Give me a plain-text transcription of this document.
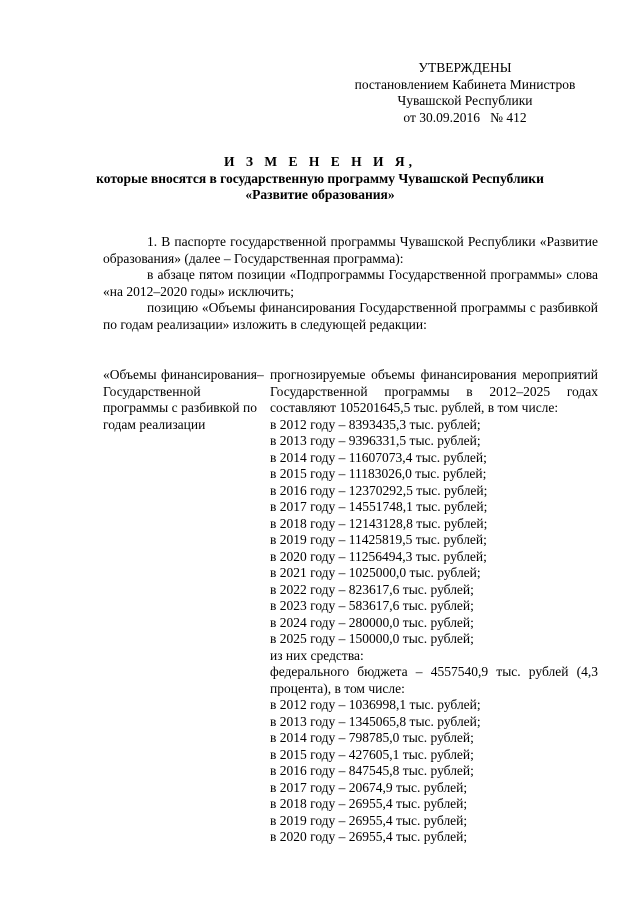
УТВЕРЖДЕНЫ
постановлением Кабинета Министров
Чувашской Республики
от 30.09.2016   № 412
И З М Е Н Е Н И Я,
которые вносятся в государственную программу Чувашской Республики
«Развитие образования»

1. В паспорте государственной программы Чувашской Республики «Развитие образования» (далее – Государственная программа):

в абзаце пятом позиции «Подпрограммы Государственной программы» слова «на 2012–2020 годы» исключить;

позицию «Объемы финансирования Государственной программы с разбивкой по годам реализации» изложить в следующей редакции:

«Объемы финансирования Государственной программы с разбивкой по годам реализации
– прогнозируемые объемы финансирования мероприятий Государственной программы в 2012–2025 годах составляют 105201645,5 тыс. рублей, в том числе:
в 2012 году – 8393435,3 тыс. рублей;
в 2013 году – 9396331,5 тыс. рублей;
в 2014 году – 11607073,4 тыс. рублей;
в 2015 году – 11183026,0 тыс. рублей;
в 2016 году – 12370292,5 тыс. рублей;
в 2017 году – 14551748,1 тыс. рублей;
в 2018 году – 12143128,8 тыс. рублей;
в 2019 году – 11425819,5 тыс. рублей;
в 2020 году – 11256494,3 тыс. рублей;
в 2021 году – 1025000,0 тыс. рублей;
в 2022 году – 823617,6 тыс. рублей;
в 2023 году – 583617,6 тыс. рублей;
в 2024 году – 280000,0 тыс. рублей;
в 2025 году – 150000,0 тыс. рублей;
из них средства:
федерального бюджета – 4557540,9 тыс. рублей (4,3 процента), в том числе:
в 2012 году – 1036998,1 тыс. рублей;
в 2013 году – 1345065,8 тыс. рублей;
в 2014 году – 798785,0 тыс. рублей;
в 2015 году – 427605,1 тыс. рублей;
в 2016 году – 847545,8 тыс. рублей;
в 2017 году – 20674,9 тыс. рублей;
в 2018 году – 26955,4 тыс. рублей;
в 2019 году – 26955,4 тыс. рублей;
в 2020 году – 26955,4 тыс. рублей;
